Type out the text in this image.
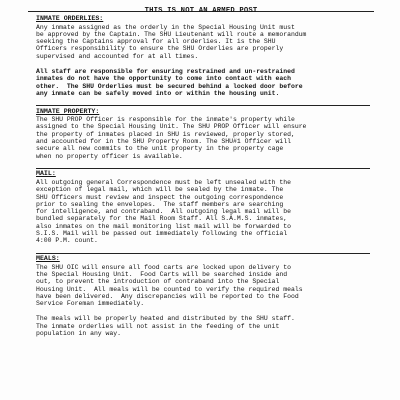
THIS IS NOT AN ARMED POST
INMATE ORDERLIES:
Any inmate assigned as the orderly in the Special Housing Unit must
be approved by the Captain. The SHU Lieutenant will route a memorandum
seeking the Captains approval for all orderlies. It is the SHU
Officers responsibility to ensure the SHU Orderlies are properly
supervised and accounted for at all times.
All staff are responsible for ensuring restrained and un-restrained
inmates do not have the opportunity to come into contact with each
other.  The SHU Orderlies must be secured behind a locked door before
any inmate can be safely moved into or within the housing unit.
INMATE PROPERTY:
The SHU PROP Officer is responsible for the inmate's property while
assigned to the Special Housing Unit. The SHU PROP Officer will ensure
the property of inmates placed in SHU is reviewed, properly stored,
and accounted for in the SHU Property Room. The SHU#1 Officer will
secure all new commits to the unit property in the property cage
when no property officer is available.
MAIL:
All outgoing general Correspondence must be left unsealed with the
exception of legal mail, which will be sealed by the inmate. The
SHU Officers must review and inspect the outgoing correspondence
prior to sealing the envelopes.  The staff members are searching
for intelligence, and contraband.  All outgoing legal mail will be
bundled separately for the Mail Room Staff. All S.A.M.S. inmates,
also inmates on the mail monitoring list mail will be forwarded to
S.I.S. Mail will be passed out immediately following the official
4:00 P.M. count.
MEALS:
The SHU OIC will ensure all food carts are locked upon delivery to
the Special Housing Unit.  Food Carts will be searched inside and
out, to prevent the introduction of contraband into the Special
Housing Unit.  All meals will be counted to verify the required meals
have been delivered.  Any discrepancies will be reported to the Food
Service Foreman immediately.
The meals will be properly heated and distributed by the SHU staff.
The inmate orderlies will not assist in the feeding of the unit
population in any way.
